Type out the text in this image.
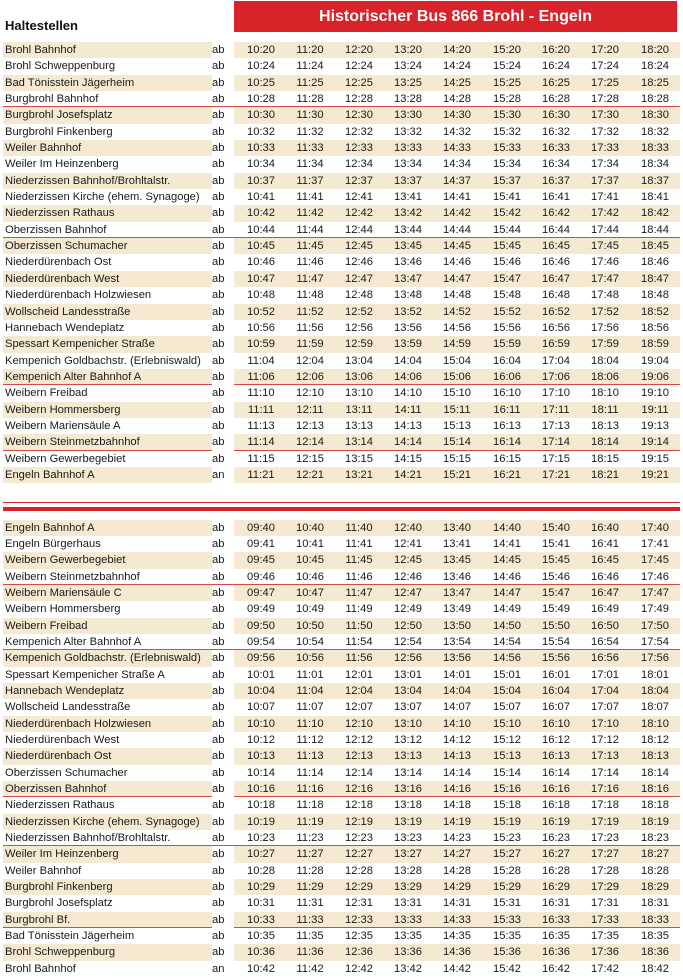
Haltestellen
Historischer Bus 866 Brohl - Engeln
Brohl Bahnhof	ab	10:20	11:20	12:20	13:20	14:20	15:20	16:20	17:20	18:20
Brohl Schweppenburg	ab	10:24	11:24	12:24	13:24	14:24	15:24	16:24	17:24	18:24
Bad Tönisstein Jägerheim	ab	10:25	11:25	12:25	13:25	14:25	15:25	16:25	17:25	18:25
Burgbrohl Bahnhof	ab	10:28	11:28	12:28	13:28	14:28	15:28	16:28	17:28	18:28
Burgbrohl Josefsplatz	ab	10:30	11:30	12:30	13:30	14:30	15:30	16:30	17:30	18:30
Burgbrohl Finkenberg	ab	10:32	11:32	12:32	13:32	14:32	15:32	16:32	17:32	18:32
Weiler Bahnhof	ab	10:33	11:33	12:33	13:33	14:33	15:33	16:33	17:33	18:33
Weiler Im Heinzenberg	ab	10:34	11:34	12:34	13:34	14:34	15:34	16:34	17:34	18:34
Niederzissen Bahnhof/Brohltalstr.	ab	10:37	11:37	12:37	13:37	14:37	15:37	16:37	17:37	18:37
Niederzissen Kirche (ehem. Synagoge)	ab	10:41	11:41	12:41	13:41	14:41	15:41	16:41	17:41	18:41
Niederzissen Rathaus	ab	10:42	11:42	12:42	13:42	14:42	15:42	16:42	17:42	18:42
Oberzissen Bahnhof	ab	10:44	11:44	12:44	13:44	14:44	15:44	16:44	17:44	18:44
Oberzissen Schumacher	ab	10:45	11:45	12:45	13:45	14:45	15:45	16:45	17:45	18:45
Niederdürenbach Ost	ab	10:46	11:46	12:46	13:46	14:46	15:46	16:46	17:46	18:46
Niederdürenbach West	ab	10:47	11:47	12:47	13:47	14:47	15:47	16:47	17:47	18:47
Niederdürenbach Holzwiesen	ab	10:48	11:48	12:48	13:48	14:48	15:48	16:48	17:48	18:48
Wollscheid Landesstraße	ab	10:52	11:52	12:52	13:52	14:52	15:52	16:52	17:52	18:52
Hannebach Wendeplatz	ab	10:56	11:56	12:56	13:56	14:56	15:56	16:56	17:56	18:56
Spessart Kempenicher Straße	ab	10:59	11:59	12:59	13:59	14:59	15:59	16:59	17:59	18:59
Kempenich Goldbachstr. (Erlebniswald) ab	11:04	12:04	13:04	14:04	15:04	16:04	17:04	18:04	19:04
Kempenich Alter Bahnhof A	ab	11:06	12:06	13:06	14:06	15:06	16:06	17:06	18:06	19:06
Weibern Freibad	ab	11:10	12:10	13:10	14:10	15:10	16:10	17:10	18:10	19:10
Weibern Hommersberg	ab	11:11	12:11	13:11	14:11	15:11	16:11	17:11	18:11	19:11
Weibern Mariensäule A	ab	11:13	12:13	13:13	14:13	15:13	16:13	17:13	18:13	19:13
Weibern Steinmetzbahnhof	ab	11:14	12:14	13:14	14:14	15:14	16:14	17:14	18:14	19:14
Weibern Gewerbegebiet	ab	11:15	12:15	13:15	14:15	15:15	16:15	17:15	18:15	19:15
Engeln Bahnhof A	an	11:21	12:21	13:21	14:21	15:21	16:21	17:21	18:21	19:21
Engeln Bahnhof A	ab	09:40	10:40	11:40	12:40	13:40	14:40	15:40	16:40	17:40
Engeln Bürgerhaus	ab	09:41	10:41	11:41	12:41	13:41	14:41	15:41	16:41	17:41
Weibern Gewerbegebiet	ab	09:45	10:45	11:45	12:45	13:45	14:45	15:45	16:45	17:45
Weibern Steinmetzbahnhof	ab	09:46	10:46	11:46	12:46	13:46	14:46	15:46	16:46	17:46
Weibern Mariensäule C	ab	09:47	10:47	11:47	12:47	13:47	14:47	15:47	16:47	17:47
Weibern Hommersberg	ab	09:49	10:49	11:49	12:49	13:49	14:49	15:49	16:49	17:49
Weibern Freibad	ab	09:50	10:50	11:50	12:50	13:50	14:50	15:50	16:50	17:50
Kempenich Alter Bahnhof A	ab	09:54	10:54	11:54	12:54	13:54	14:54	15:54	16:54	17:54
Kempenich Goldbachstr. (Erlebniswald) ab	09:56	10:56	11:56	12:56	13:56	14:56	15:56	16:56	17:56
Spessart Kempenicher Straße A	ab	10:01	11:01	12:01	13:01	14:01	15:01	16:01	17:01	18:01
Hannebach Wendeplatz	ab	10:04	11:04	12:04	13:04	14:04	15:04	16:04	17:04	18:04
Wollscheid Landesstraße	ab	10:07	11:07	12:07	13:07	14:07	15:07	16:07	17:07	18:07
Niederdürenbach Holzwiesen	ab	10:10	11:10	12:10	13:10	14:10	15:10	16:10	17:10	18:10
Niederdürenbach West	ab	10:12	11:12	12:12	13:12	14:12	15:12	16:12	17:12	18:12
Niederdürenbach Ost	ab	10:13	11:13	12:13	13:13	14:13	15:13	16:13	17:13	18:13
Oberzissen Schumacher	ab	10:14	11:14	12:14	13:14	14:14	15:14	16:14	17:14	18:14
Oberzissen Bahnhof	ab	10:16	11:16	12:16	13:16	14:16	15:16	16:16	17:16	18:16
Niederzissen Rathaus	ab	10:18	11:18	12:18	13:18	14:18	15:18	16:18	17:18	18:18
Niederzissen Kirche (ehem. Synagoge)	ab	10:19	11:19	12:19	13:19	14:19	15:19	16:19	17:19	18:19
Niederzissen Bahnhof/Brohltalstr.	ab	10:23	11:23	12:23	13:23	14:23	15:23	16:23	17:23	18:23
Weiler Im Heinzenberg	ab	10:27	11:27	12:27	13:27	14:27	15:27	16:27	17:27	18:27
Weiler Bahnhof	ab	10:28	11:28	12:28	13:28	14:28	15:28	16:28	17:28	18:28
Burgbrohl Finkenberg	ab	10:29	11:29	12:29	13:29	14:29	15:29	16:29	17:29	18:29
Burgbrohl Josefsplatz	ab	10:31	11:31	12:31	13:31	14:31	15:31	16:31	17:31	18:31
Burgbrohl Bf.	ab	10:33	11:33	12:33	13:33	14:33	15:33	16:33	17:33	18:33
Bad Tönisstein Jägerheim	ab	10:35	11:35	12:35	13:35	14:35	15:35	16:35	17:35	18:35
Brohl Schweppenburg	ab	10:36	11:36	12:36	13:36	14:36	15:36	16:36	17:36	18:36
Brohl Bahnhof	an	10:42	11:42	12:42	13:42	14:42	15:42	16:42	17:42	18:42
